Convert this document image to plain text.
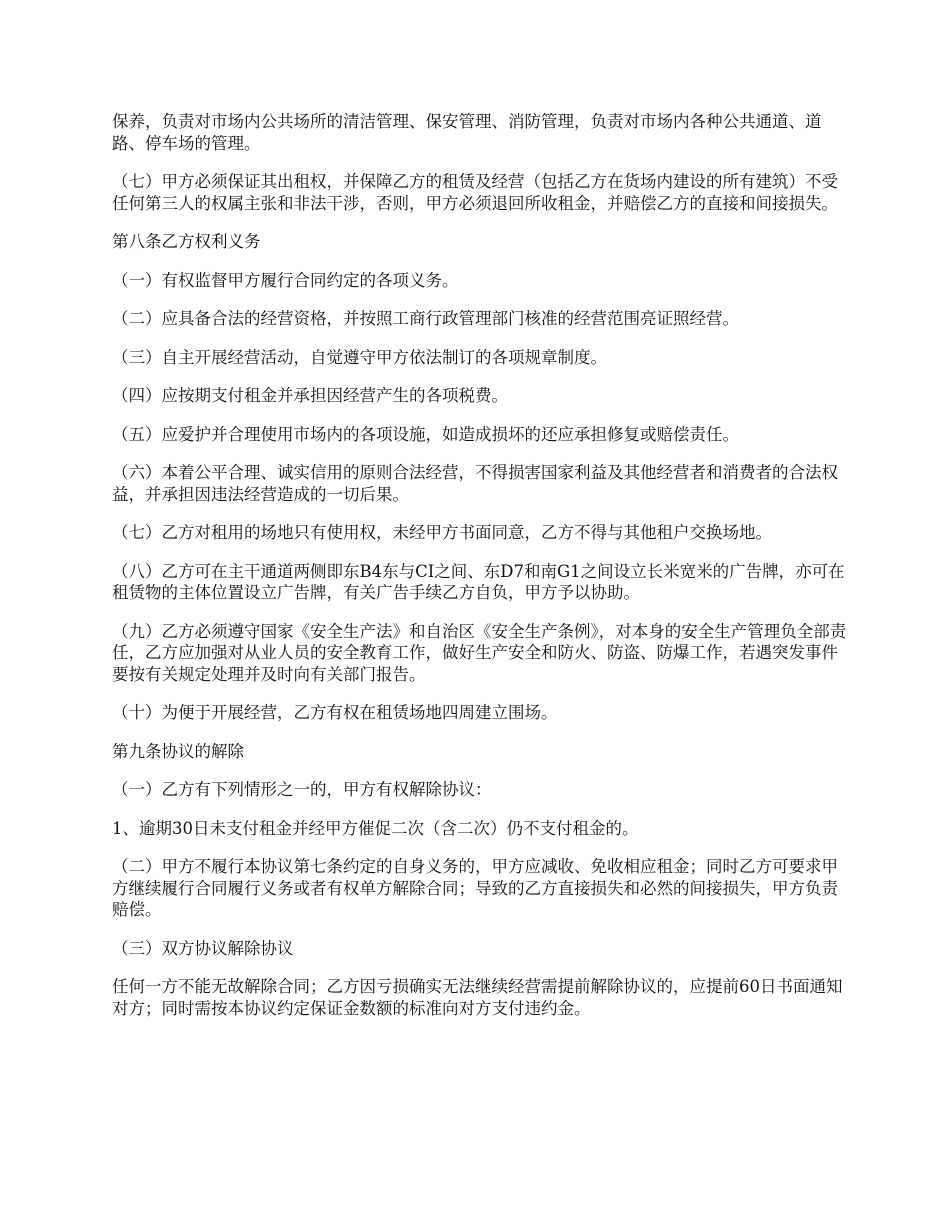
保养，负责对市场内公共场所的清洁管理、保安管理、消防管理，负责对市场内各种公共通道、道路、停车场的管理。

（七）甲方必须保证其出租权，并保障乙方的租赁及经营（包括乙方在货场内建设的所有建筑）不受任何第三人的权属主张和非法干涉，否则，甲方必须退回所收租金，并赔偿乙方的直接和间接损失。

第八条乙方权利义务

（一）有权监督甲方履行合同约定的各项义务。

（二）应具备合法的经营资格，并按照工商行政管理部门核准的经营范围亮证照经营。

（三）自主开展经营活动，自觉遵守甲方依法制订的各项规章制度。

（四）应按期支付租金并承担因经营产生的各项税费。

（五）应爱护并合理使用市场内的各项设施，如造成损坏的还应承担修复或赔偿责任。

（六）本着公平合理、诚实信用的原则合法经营，不得损害国家利益及其他经营者和消费者的合法权益，并承担因违法经营造成的一切后果。

（七）乙方对租用的场地只有使用权，未经甲方书面同意，乙方不得与其他租户交换场地。

（八）乙方可在主干通道两侧即东B4东与CI之间、东D7和南G1之间设立长米宽米的广告牌，亦可在租赁物的主体位置设立广告牌，有关广告手续乙方自负，甲方予以协助。

（九）乙方必须遵守国家《安全生产法》和自治区《安全生产条例》，对本身的安全生产管理负全部责任，乙方应加强对从业人员的安全教育工作，做好生产安全和防火、防盗、防爆工作，若遇突发事件要按有关规定处理并及时向有关部门报告。

（十）为便于开展经营，乙方有权在租赁场地四周建立围场。

第九条协议的解除

（一）乙方有下列情形之一的，甲方有权解除协议：

1、逾期30日未支付租金并经甲方催促二次（含二次）仍不支付租金的。

（二）甲方不履行本协议第七条约定的自身义务的，甲方应减收、免收相应租金；同时乙方可要求甲方继续履行合同履行义务或者有权单方解除合同；导致的乙方直接损失和必然的间接损失，甲方负责赔偿。

（三）双方协议解除协议

任何一方不能无故解除合同；乙方因亏损确实无法继续经营需提前解除协议的，应提前60日书面通知对方；同时需按本协议约定保证金数额的标准向对方支付违约金。
